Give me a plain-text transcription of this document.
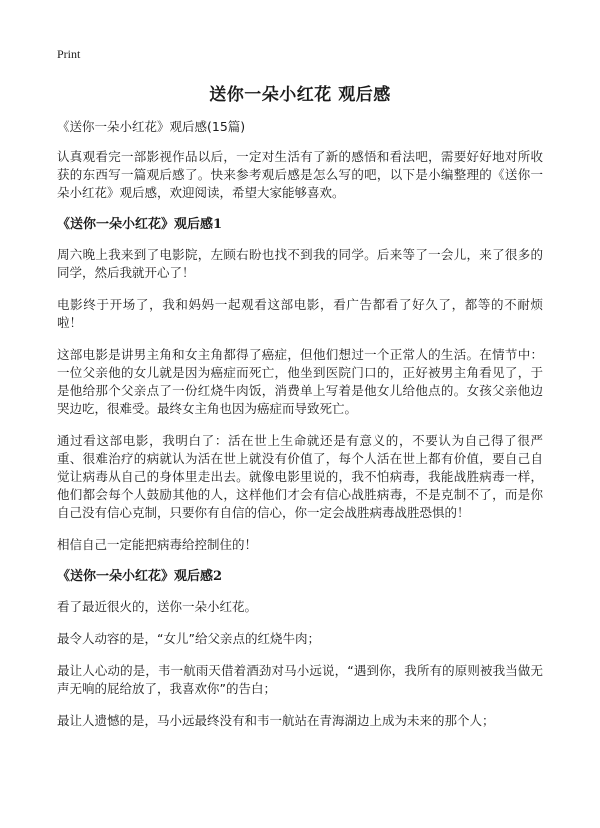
Print
送你一朵小红花 观后感
《送你一朵小红花》观后感(15篇)

认真观看完一部影视作品以后，一定对生活有了新的感悟和看法吧，需要好好地对所收获的东西写一篇观后感了。快来参考观后感是怎么写的吧，以下是小编整理的《送你一朵小红花》观后感，欢迎阅读，希望大家能够喜欢。

《送你一朵小红花》观后感1

周六晚上我来到了电影院，左顾右盼也找不到我的同学。后来等了一会儿，来了很多的同学，然后我就开心了！

电影终于开场了，我和妈妈一起观看这部电影，看广告都看了好久了，都等的不耐烦啦！

这部电影是讲男主角和女主角都得了癌症，但他们想过一个正常人的生活。在情节中：一位父亲他的女儿就是因为癌症而死亡，他坐到医院门口的，正好被男主角看见了，于是他给那个父亲点了一份红烧牛肉饭，消费单上写着是他女儿给他点的。女孩父亲他边哭边吃，很难受。最终女主角也因为癌症而导致死亡。

通过看这部电影，我明白了：活在世上生命就还是有意义的，不要认为自己得了很严重、很难治疗的病就认为活在世上就没有价值了，每个人活在世上都有价值，要自己自觉让病毒从自己的身体里走出去。就像电影里说的，我不怕病毒，我能战胜病毒一样，他们都会每个人鼓励其他的人，这样他们才会有信心战胜病毒，不是克制不了，而是你自己没有信心克制，只要你有自信的信心，你一定会战胜病毒战胜恐惧的！

相信自己一定能把病毒给控制住的！

《送你一朵小红花》观后感2

看了最近很火的，送你一朵小红花。

最令人动容的是，“女儿”给父亲点的红烧牛肉；

最让人心动的是，韦一航雨天借着酒劲对马小远说，“遇到你，我所有的原则被我当做无声无响的屁给放了，我喜欢你”的告白；

最让人遗憾的是，马小远最终没有和韦一航站在青海湖边上成为未来的那个人；
